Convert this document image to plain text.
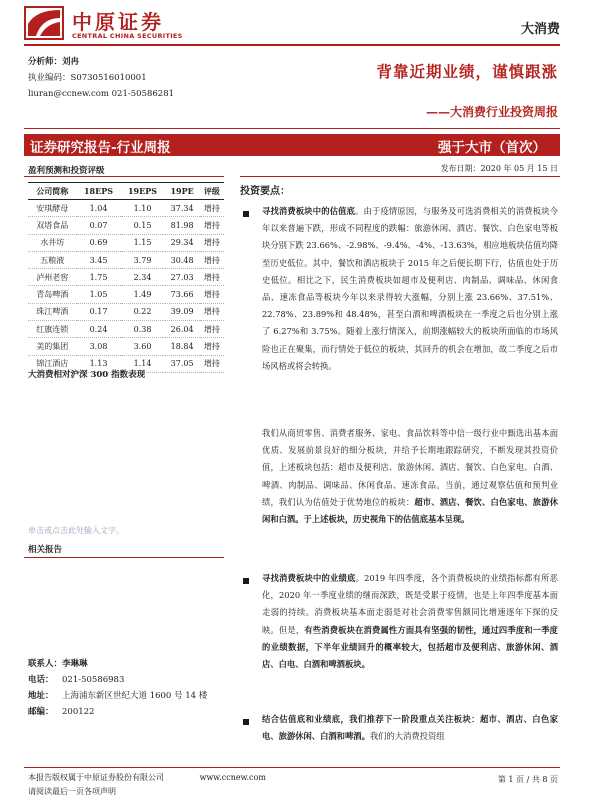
中原证券
CENTRAL CHINA SECURITIES	大消费
分析师：刘冉
执业编码：S0730516010001
liuran@ccnew.com 021-50586281
背靠近期业绩，谨慎跟涨
——大消费行业投资周报
证券研究报告-行业周报	强于大市（首次）
盈利预测和投资评级
公司简称	18EPS	19EPS	19PE	评级
安琪酵母	1.04	1.10	37.34	增持
双塔食品	0.07	0.15	81.98	增持
水井坊	0.69	1.15	29.34	增持
五粮液	3.45	3.79	30.48	增持
泸州老窖	1.75	2.34	27.03	增持
青岛啤酒	1.05	1.49	73.66	增持
珠江啤酒	0.17	0.22	39.09	增持
红旗连锁	0.24	0.38	26.04	增持
美的集团	3.08	3.60	18.84	增持
锦江酒店	1.13	1.14	37.05	增持
大消费相对沪深 300 指数表现
单击或点击此处输入文字。
相关报告
联系人：李琳琳
电话： 021-50586983
地址： 上海浦东新区世纪大道 1600 号 14 楼
邮编： 200122
发布日期：2020 年 05 月 15 日
投资要点：
寻找消费板块中的估值底。由于疫情原因，与服务及可选消费相关的消费板块今年以来普遍下跌，形成不同程度的跌幅：旅游休闲、酒店、餐饮、白色家电等板块分别下跌 23.66%、-2.98%、-9.4%、-4%、-13.63%，相应地板块估值均降至历史低位。其中，餐饮和酒店板块于 2015 年之后便长期下行，估值也处于历史低位。相比之下，民生消费板块如超市及便利店、肉制品、调味品、休闲食品、速冻食品等板块今年以来录得较大涨幅，分别上涨 23.66%、37.51%、22.78%、23.89%和 48.48%，甚至白酒和啤酒板块在一季度之后也分别上涨了 6.27%和 3.75%。随着上涨行情深入，前期涨幅较大的板块所面临的市场风险也正在聚集，而行情处于低位的板块，其回升的机会在增加，故二季度之后市场风格或将会转换。
我们从商贸零售、消费者服务、家电、食品饮料等中信一级行业中甄选出基本面优质、发展前景良好的细分板块，并给予长期地跟踪研究，不断发现其投资价值，上述板块包括：超市及便利店、旅游休闲、酒店、餐饮、白色家电、白酒、啤酒、肉制品、调味品、休闲食品、速冻食品。当前，通过观察估值和预判业绩，我们认为估值处于优势地位的板块：超市、酒店、餐饮、白色家电、旅游休闲和白酒。于上述板块，历史视角下的估值底基本呈现。
寻找消费板块中的业绩底。2019 年四季度，各个消费板块的业绩指标都有所恶化，2020 年一季度业绩的继而深跌，既是受累于疫情，也是上年四季度基本面走弱的持续。消费板块基本面走弱是对社会消费零售额同比增速逐年下探的反映。但是，有些消费板块在消费属性方面具有坚强的韧性，通过四季度和一季度的业绩数据，下半年业绩回升的概率较大，包括超市及便利店、旅游休闲、酒店、白电、白酒和啤酒板块。
结合估值底和业绩底，我们推荐下一阶段重点关注板块：超市、酒店、白色家电、旅游休闲、白酒和啤酒。我们的大消费投资组
本报告版权属于中原证券股份有限公司	www.ccnew.com
请阅读最后一页各项声明
第 1 页 / 共 8 页
